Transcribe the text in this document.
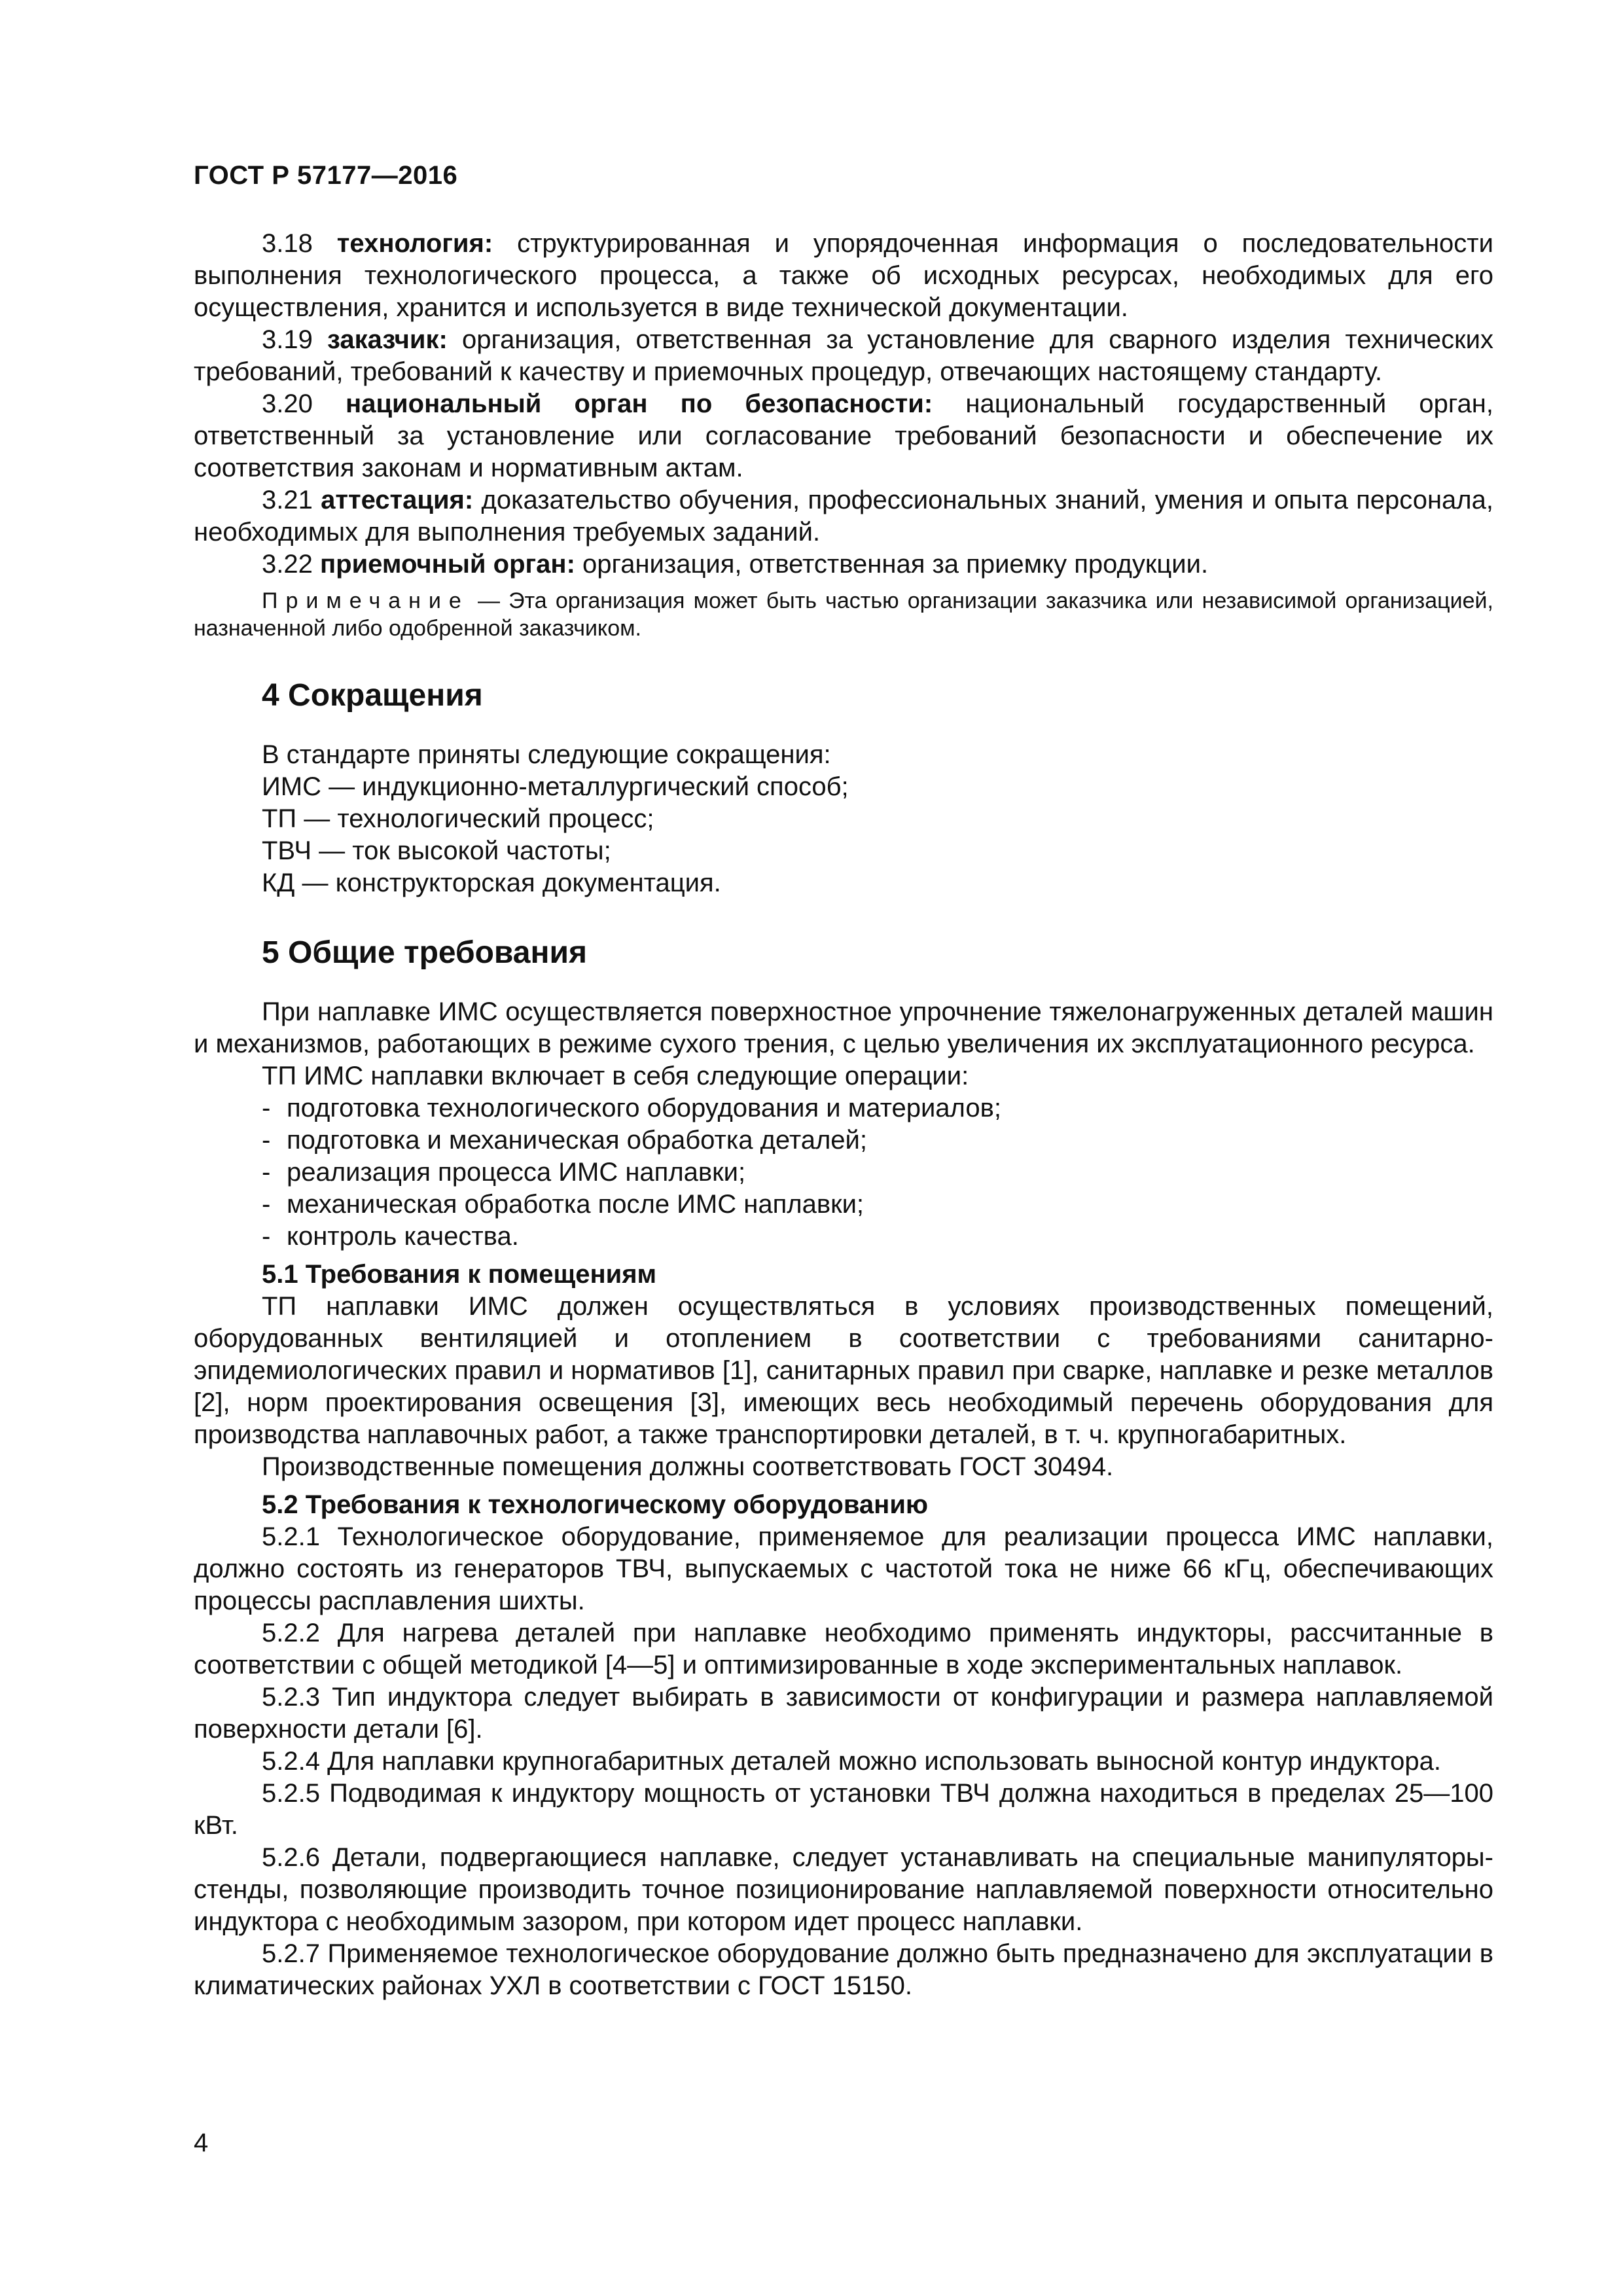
ГОСТ Р 57177—2016

3.18 технология: структурированная и упорядоченная информация о последовательности выполнения технологического процесса, а также об исходных ресурсах, необходимых для его осуществления, хранится и используется в виде технической документации.

3.19 заказчик: организация, ответственная за установление для сварного изделия технических требований, требований к качеству и приемочных процедур, отвечающих настоящему стандарту.

3.20 национальный орган по безопасности: национальный государственный орган, ответственный за установление или согласование требований безопасности и обеспечение их соответствия законам и нормативным актам.

3.21 аттестация: доказательство обучения, профессиональных знаний, умения и опыта персонала, необходимых для выполнения требуемых заданий.

3.22 приемочный орган: организация, ответственная за приемку продукции.

Примечание — Эта организация может быть частью организации заказчика или независимой организацией, назначенной либо одобренной заказчиком.

4 Сокращения

В стандарте приняты следующие сокращения:

ИМС — индукционно-металлургический способ;

ТП — технологический процесс;

ТВЧ — ток высокой частоты;

КД — конструкторская документация.

5 Общие требования

При наплавке ИМС осуществляется поверхностное упрочнение тяжелонагруженных деталей машин и механизмов, работающих в режиме сухого трения, с целью увеличения их эксплуатационного ресурса.

ТП ИМС наплавки включает в себя следующие операции:

- подготовка технологического оборудования и материалов;
- подготовка и механическая обработка деталей;
- реализация процесса ИМС наплавки;
- механическая обработка после ИМС наплавки;
- контроль качества.
5.1 Требования к помещениям

ТП наплавки ИМС должен осуществляться в условиях производственных помещений, оборудованных вентиляцией и отоплением в соответствии с требованиями санитарно-эпидемиологических правил и нормативов [1], санитарных правил при сварке, наплавке и резке металлов [2], норм проектирования освещения [3], имеющих весь необходимый перечень оборудования для производства наплавочных работ, а также транспортировки деталей, в т. ч. крупногабаритных.

Производственные помещения должны соответствовать ГОСТ 30494.

5.2 Требования к технологическому оборудованию

5.2.1 Технологическое оборудование, применяемое для реализации процесса ИМС наплавки, должно состоять из генераторов ТВЧ, выпускаемых с частотой тока не ниже 66 кГц, обеспечивающих процессы расплавления шихты.

5.2.2 Для нагрева деталей при наплавке необходимо применять индукторы, рассчитанные в соответствии с общей методикой [4—5] и оптимизированные в ходе экспериментальных наплавок.

5.2.3 Тип индуктора следует выбирать в зависимости от конфигурации и размера наплавляемой поверхности детали [6].

5.2.4 Для наплавки крупногабаритных деталей можно использовать выносной контур индуктора.

5.2.5 Подводимая к индуктору мощность от установки ТВЧ должна находиться в пределах 25—100 кВт.

5.2.6 Детали, подвергающиеся наплавке, следует устанавливать на специальные манипуляторы-стенды, позволяющие производить точное позиционирование наплавляемой поверхности относительно индуктора с необходимым зазором, при котором идет процесс наплавки.

5.2.7 Применяемое технологическое оборудование должно быть предназначено для эксплуатации в климатических районах УХЛ в соответствии с ГОСТ 15150.

4
